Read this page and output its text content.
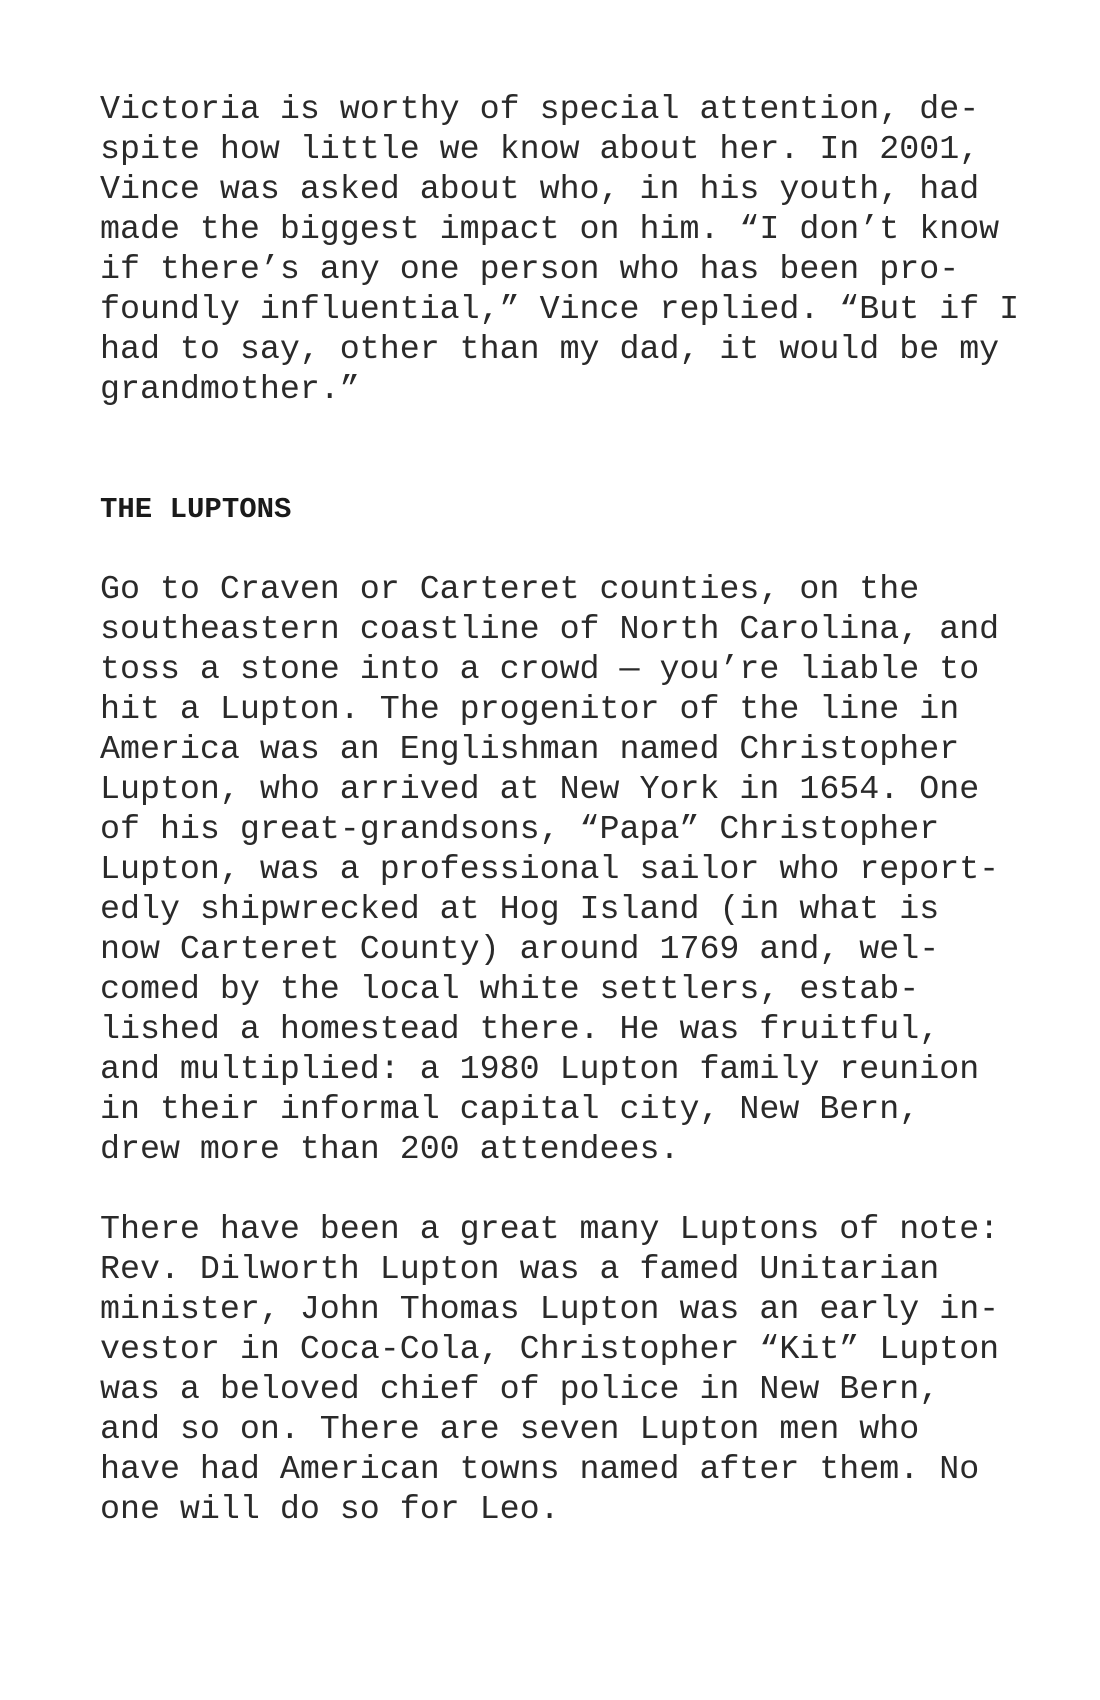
Victoria is worthy of special attention, de-
spite how little we know about her. In 2001,
Vince was asked about who, in his youth, had
made the biggest impact on him. “I don’t know
if there’s any one person who has been pro-
foundly influential,” Vince replied. “But if I
had to say, other than my dad, it would be my
grandmother.”
THE LUPTONS
Go to Craven or Carteret counties, on the
southeastern coastline of North Carolina, and
toss a stone into a crowd — you’re liable to
hit a Lupton. The progenitor of the line in
America was an Englishman named Christopher
Lupton, who arrived at New York in 1654. One
of his great-grandsons, “Papa” Christopher
Lupton, was a professional sailor who report-
edly shipwrecked at Hog Island (in what is
now Carteret County) around 1769 and, wel-
comed by the local white settlers, estab-
lished a homestead there. He was fruitful,
and multiplied: a 1980 Lupton family reunion
in their informal capital city, New Bern,
drew more than 200 attendees.
There have been a great many Luptons of note:
Rev. Dilworth Lupton was a famed Unitarian
minister, John Thomas Lupton was an early in-
vestor in Coca-Cola, Christopher “Kit” Lupton
was a beloved chief of police in New Bern,
and so on. There are seven Lupton men who
have had American towns named after them. No
one will do so for Leo.
